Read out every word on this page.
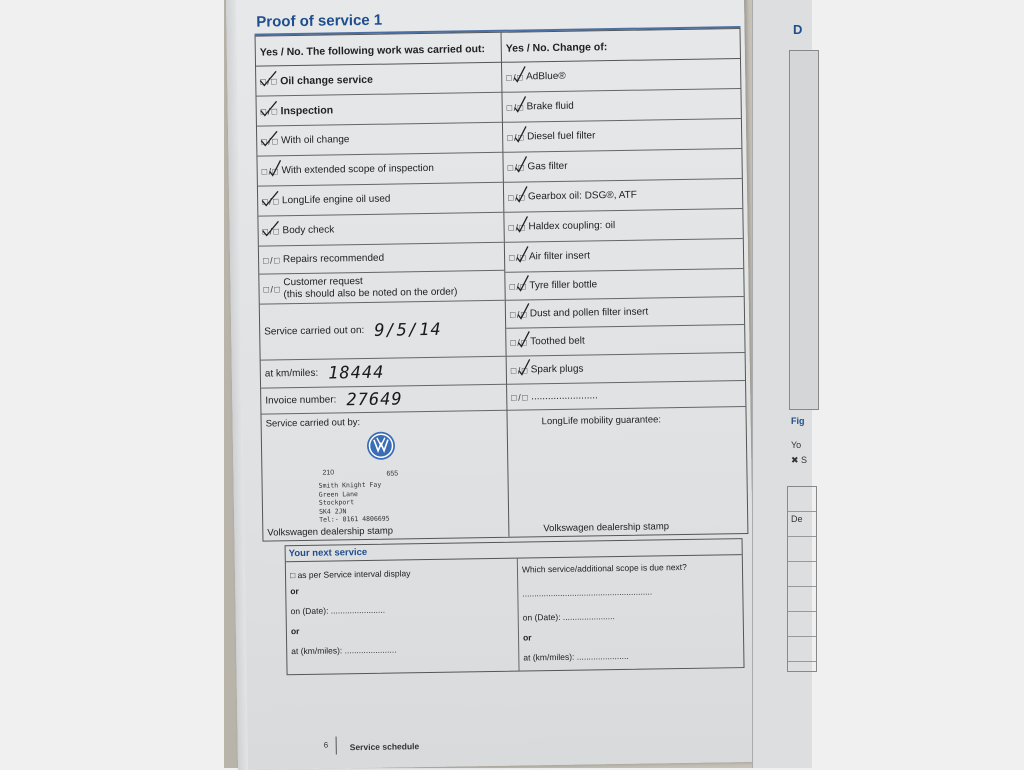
Proof of service 1
Yes / No. The following work was carried out:
□ / □ Oil change service
□ / □ Inspection
□ / □ With oil change
□ / □ With extended scope of inspection
□ / □ LongLife engine oil used
□ / □ Body check
□ / □ Repairs recommended
□ / □
Customer request
(this should also be noted on the order)
Service carried out on: 9/5/14
at km/miles: 18444
Invoice number: 27649
Service carried out by:
210	655
Smith Knight Fay
Green Lane
Stockport
SK4 2JN
Tel:- 0161 4806695
Volkswagen dealership stamp
Yes / No. Change of:
□ / □ AdBlue®
□ / □ Brake fluid
□ / □ Diesel fuel filter
□ / □ Gas filter
□ / □ Gearbox oil: DSG®, ATF
□ / □ Haldex coupling: oil
□ / □ Air filter insert
□ / □ Tyre filler bottle
□ / □ Dust and pollen filter insert
□ / □ Toothed belt
□ / □ Spark plugs
□ / □ ........................
LongLife mobility guarantee:
Volkswagen dealership stamp
Your next service
□ as per Service interval display
or
on (Date): .......................
or
at (km/miles): ......................
Which service/additional scope is due next?
.......................................................
on (Date): ......................
or
at (km/miles): ......................
6	Service schedule
D
Fig
Yo
✖ S
De
